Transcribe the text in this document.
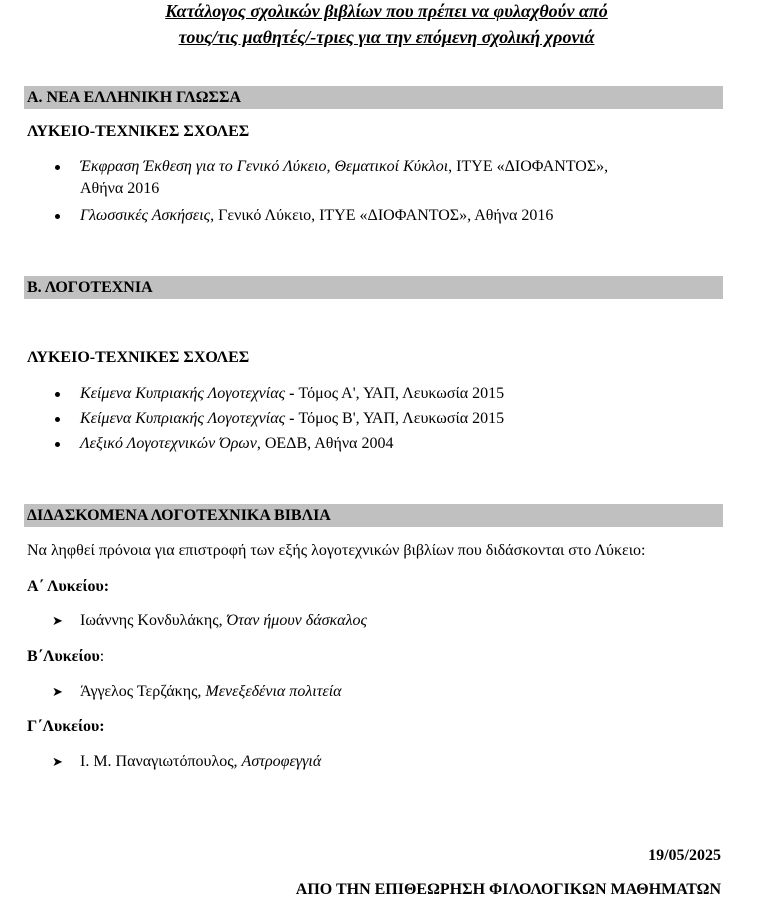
Κατάλογος σχολικών βιβλίων που πρέπει να φυλαχθούν από
τους/τις μαθητές/-τριες για την επόμενη σχολική χρονιά
Α. ΝΕΑ ΕΛΛΗΝΙΚΗ ΓΛΩΣΣΑ
ΛΥΚΕΙΟ-ΤΕΧΝΙΚΕΣ ΣΧΟΛΕΣ
Έκφραση Έκθεση για το Γενικό Λύκειο, Θεματικοί Κύκλοι, ΙΤΥΕ «ΔΙΟΦΑΝΤΟΣ»,
Αθήνα 2016
Γλωσσικές Ασκήσεις, Γενικό Λύκειο, ΙΤΥΕ «ΔΙΟΦΑΝΤΟΣ», Αθήνα 2016
Β. ΛΟΓΟΤΕΧΝΙΑ
ΛΥΚΕΙΟ-ΤΕΧΝΙΚΕΣ ΣΧΟΛΕΣ
Κείμενα Κυπριακής Λογοτεχνίας - Τόμος Α', ΥΑΠ, Λευκωσία 2015
Κείμενα Κυπριακής Λογοτεχνίας - Τόμος Β', ΥΑΠ, Λευκωσία 2015
Λεξικό Λογοτεχνικών Όρων, ΟΕΔΒ, Αθήνα 2004
ΔΙΔΑΣΚΟΜΕΝΑ ΛΟΓΟΤΕΧΝΙΚΑ ΒΙΒΛΙΑ
Να ληφθεί πρόνοια για επιστροφή των εξής λογοτεχνικών βιβλίων που διδάσκονται στο Λύκειο:
Α΄ Λυκείου:
➤ Ιωάννης Κονδυλάκης, Όταν ήμουν δάσκαλος
Β΄Λυκείου:
➤ Άγγελος Τερζάκης, Μενεξεδένια πολιτεία
Γ΄Λυκείου:
➤ Ι. Μ. Παναγιωτόπουλος, Αστροφεγγιά
19/05/2025
ΑΠΟ ΤΗΝ ΕΠΙΘΕΩΡΗΣΗ ΦΙΛΟΛΟΓΙΚΩΝ ΜΑΘΗΜΑΤΩΝ
